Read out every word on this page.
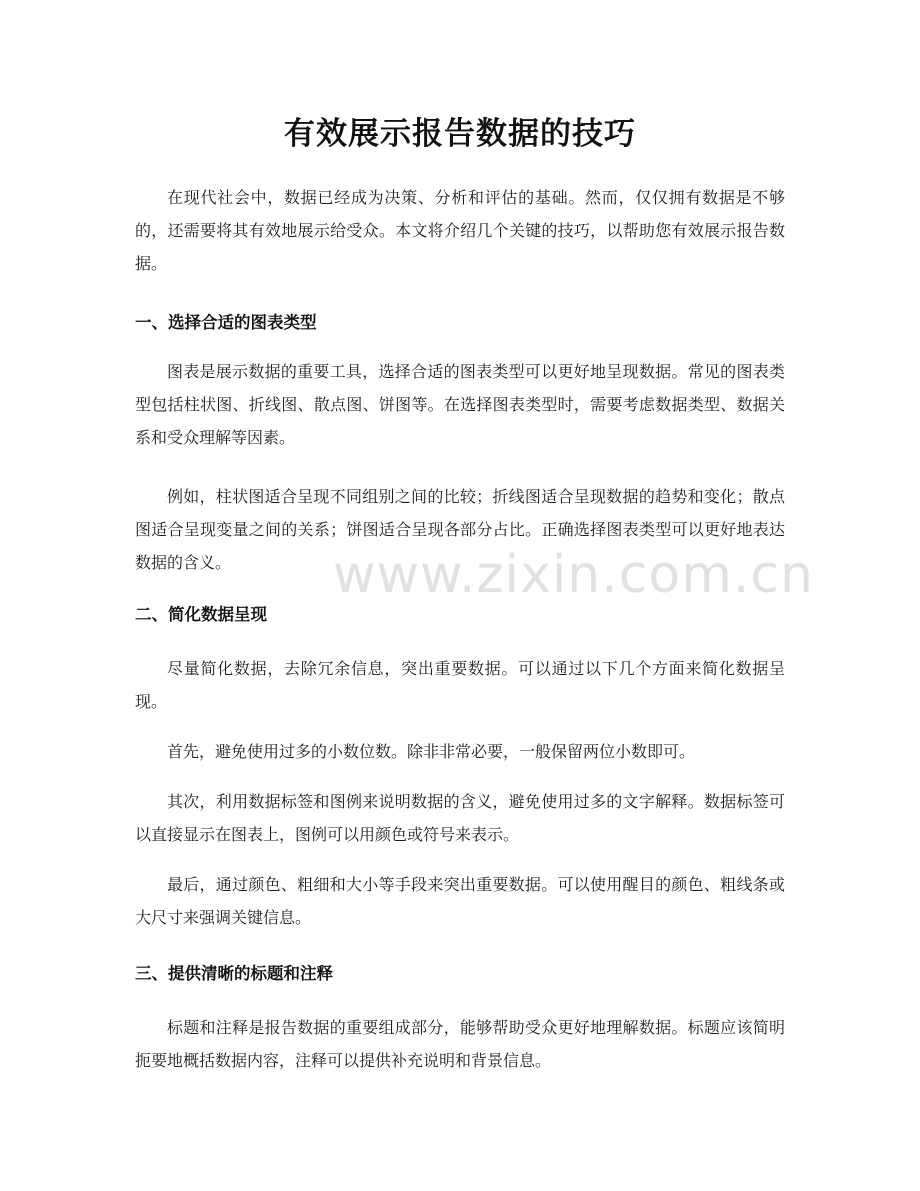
有效展示报告数据的技巧

在现代社会中，数据已经成为决策、分析和评估的基础。然而，仅仅拥有数据是不够的，还需要将其有效地展示给受众。本文将介绍几个关键的技巧，以帮助您有效展示报告数据。

一、选择合适的图表类型

图表是展示数据的重要工具，选择合适的图表类型可以更好地呈现数据。常见的图表类型包括柱状图、折线图、散点图、饼图等。在选择图表类型时，需要考虑数据类型、数据关系和受众理解等因素。

例如，柱状图适合呈现不同组别之间的比较；折线图适合呈现数据的趋势和变化；散点图适合呈现变量之间的关系；饼图适合呈现各部分占比。正确选择图表类型可以更好地表达数据的含义。

二、简化数据呈现

尽量简化数据，去除冗余信息，突出重要数据。可以通过以下几个方面来简化数据呈现。

首先，避免使用过多的小数位数。除非非常必要，一般保留两位小数即可。

其次，利用数据标签和图例来说明数据的含义，避免使用过多的文字解释。数据标签可以直接显示在图表上，图例可以用颜色或符号来表示。

最后，通过颜色、粗细和大小等手段来突出重要数据。可以使用醒目的颜色、粗线条或大尺寸来强调关键信息。

三、提供清晰的标题和注释

标题和注释是报告数据的重要组成部分，能够帮助受众更好地理解数据。标题应该简明扼要地概括数据内容，注释可以提供补充说明和背景信息。

www.zixin.com.cn
